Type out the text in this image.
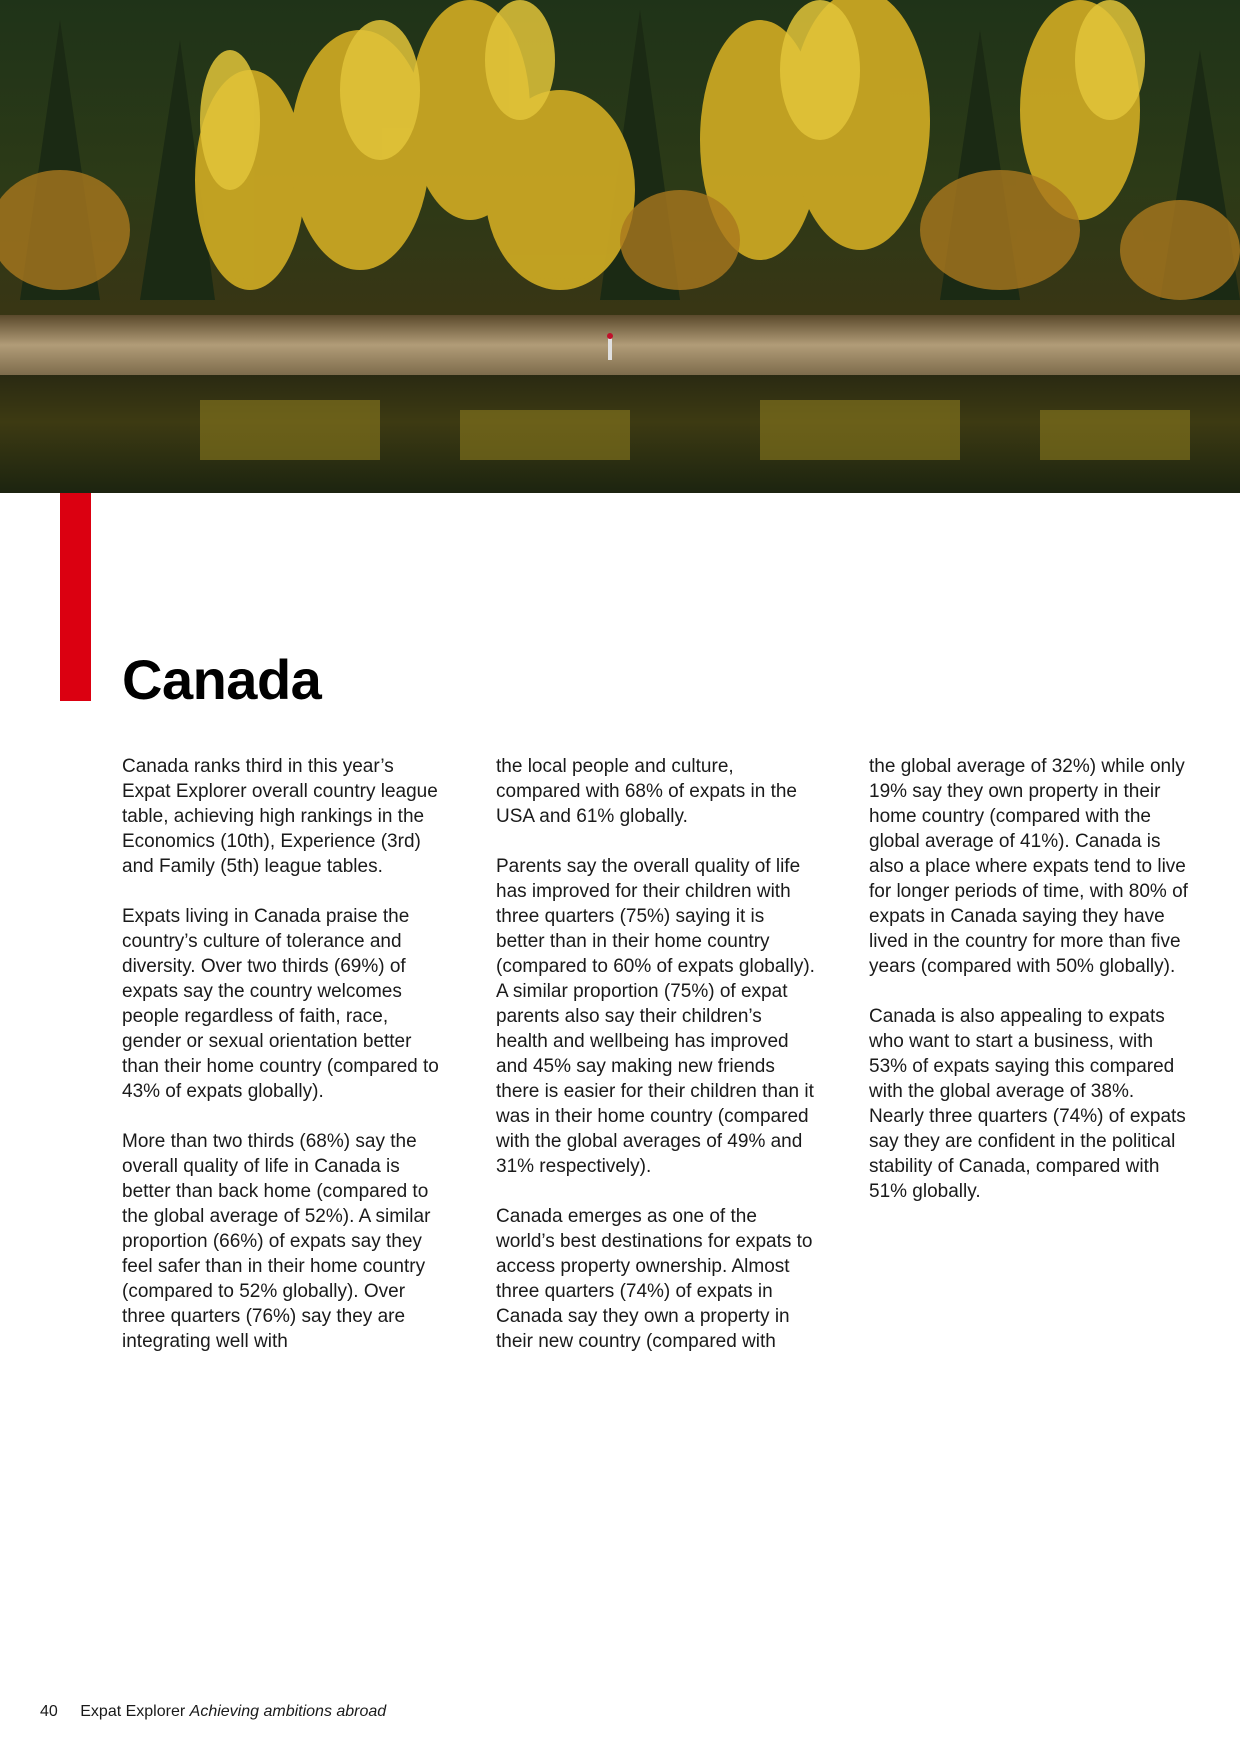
Canada

Canada ranks third in this year’s Expat Explorer overall country league table, achieving high rankings in the Economics (10th), Experience (3rd) and Family (5th) league tables.

Expats living in Canada praise the country’s culture of tolerance and diversity. Over two thirds (69%) of expats say the country welcomes people regardless of faith, race, gender or sexual orientation better than their home country (compared to 43% of expats globally).

More than two thirds (68%) say the overall quality of life in Canada is better than back home (compared to the global average of 52%). A similar proportion (66%) of expats say they feel safer than in their home country (compared to 52% globally). Over three quarters (76%) say they are integrating well with

the local people and culture, compared with 68% of expats in the USA and 61% globally.

Parents say the overall quality of life has improved for their children with three quarters (75%) saying it is better than in their home country (compared to 60% of expats globally). A similar proportion (75%) of expat parents also say their children’s health and wellbeing has improved and 45% say making new friends there is easier for their children than it was in their home country (compared with the global averages of 49% and 31% respectively).

Canada emerges as one of the world’s best destinations for expats to access property ownership. Almost three quarters (74%) of expats in Canada say they own a property in their new country (compared with

the global average of 32%) while only 19% say they own property in their home country (compared with the global average of 41%). Canada is also a place where expats tend to live for longer periods of time, with 80% of expats in Canada saying they have lived in the country for more than five years (compared with 50% globally).

Canada is also appealing to expats who want to start a business, with 53% of expats saying this compared with the global average of 38%. Nearly three quarters (74%) of expats say they are confident in the political stability of Canada, compared with 51% globally.

40 Expat Explorer Achieving ambitions abroad
